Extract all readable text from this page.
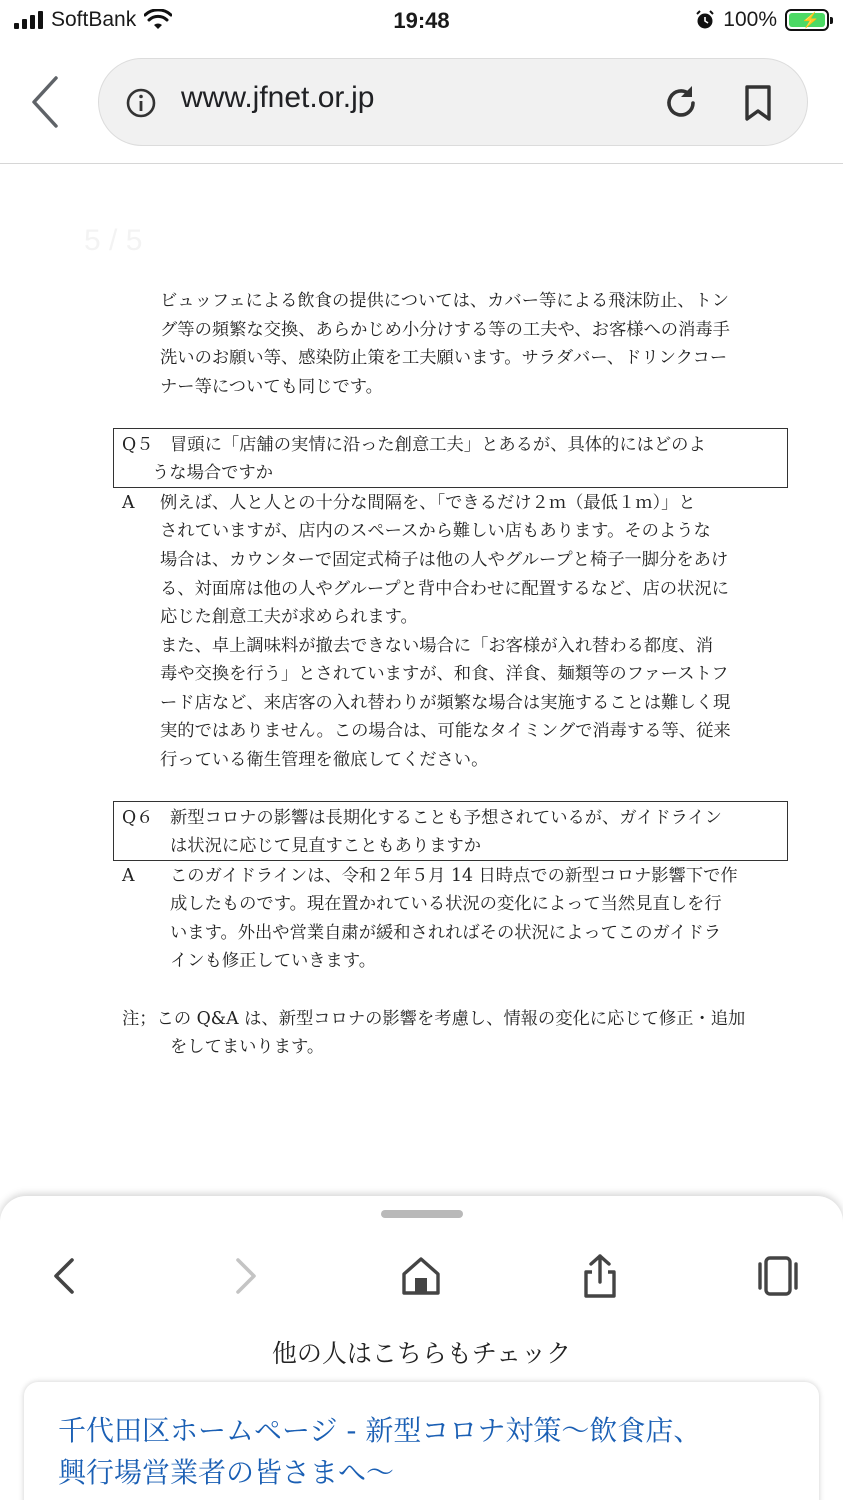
SoftBank	19:48	100% ⚡
www.jfnet.or.jp
5 / 5
ビュッフェによる飲食の提供については、カバー等による飛沫防止、トン
グ等の頻繁な交換、あらかじめ小分けする等の工夫や、お客様への消毒手
洗いのお願い等、感染防止策を工夫願います。サラダバー、ドリンクコー
ナー等についても同じです。
Q５ 冒頭に「店舗の実情に沿った創意工夫」とあるが、具体的にはどのよ
うな場合ですか
A 例えば、人と人との十分な間隔を、「できるだけ２ｍ（最低１ｍ）」と
されていますが、店内のスペースから難しい店もあります。そのような
場合は、カウンターで固定式椅子は他の人やグループと椅子一脚分をあけ
る、対面席は他の人やグループと背中合わせに配置するなど、店の状況に
応じた創意工夫が求められます。
また、卓上調味料が撤去できない場合に「お客様が入れ替わる都度、消
毒や交換を行う」とされていますが、和食、洋食、麺類等のファーストフ
ード店など、来店客の入れ替わりが頻繁な場合は実施することは難しく現
実的ではありません。この場合は、可能なタイミングで消毒する等、従来
行っている衛生管理を徹底してください。
Q６ 新型コロナの影響は長期化することも予想されているが、ガイドライン
は状況に応じて見直すこともありますか
A このガイドラインは、令和２年５月 14 日時点での新型コロナ影響下で作
成したものです。現在置かれている状況の変化によって当然見直しを行
います。外出や営業自粛が緩和されればその状況によってこのガイドラ
インも修正していきます。
注；この Q&A は、新型コロナの影響を考慮し、情報の変化に応じて修正・追加
をしてまいります。
他の人はこちらもチェック
千代田区ホームページ - 新型コロナ対策〜飲食店、
興行場営業者の皆さまへ〜
